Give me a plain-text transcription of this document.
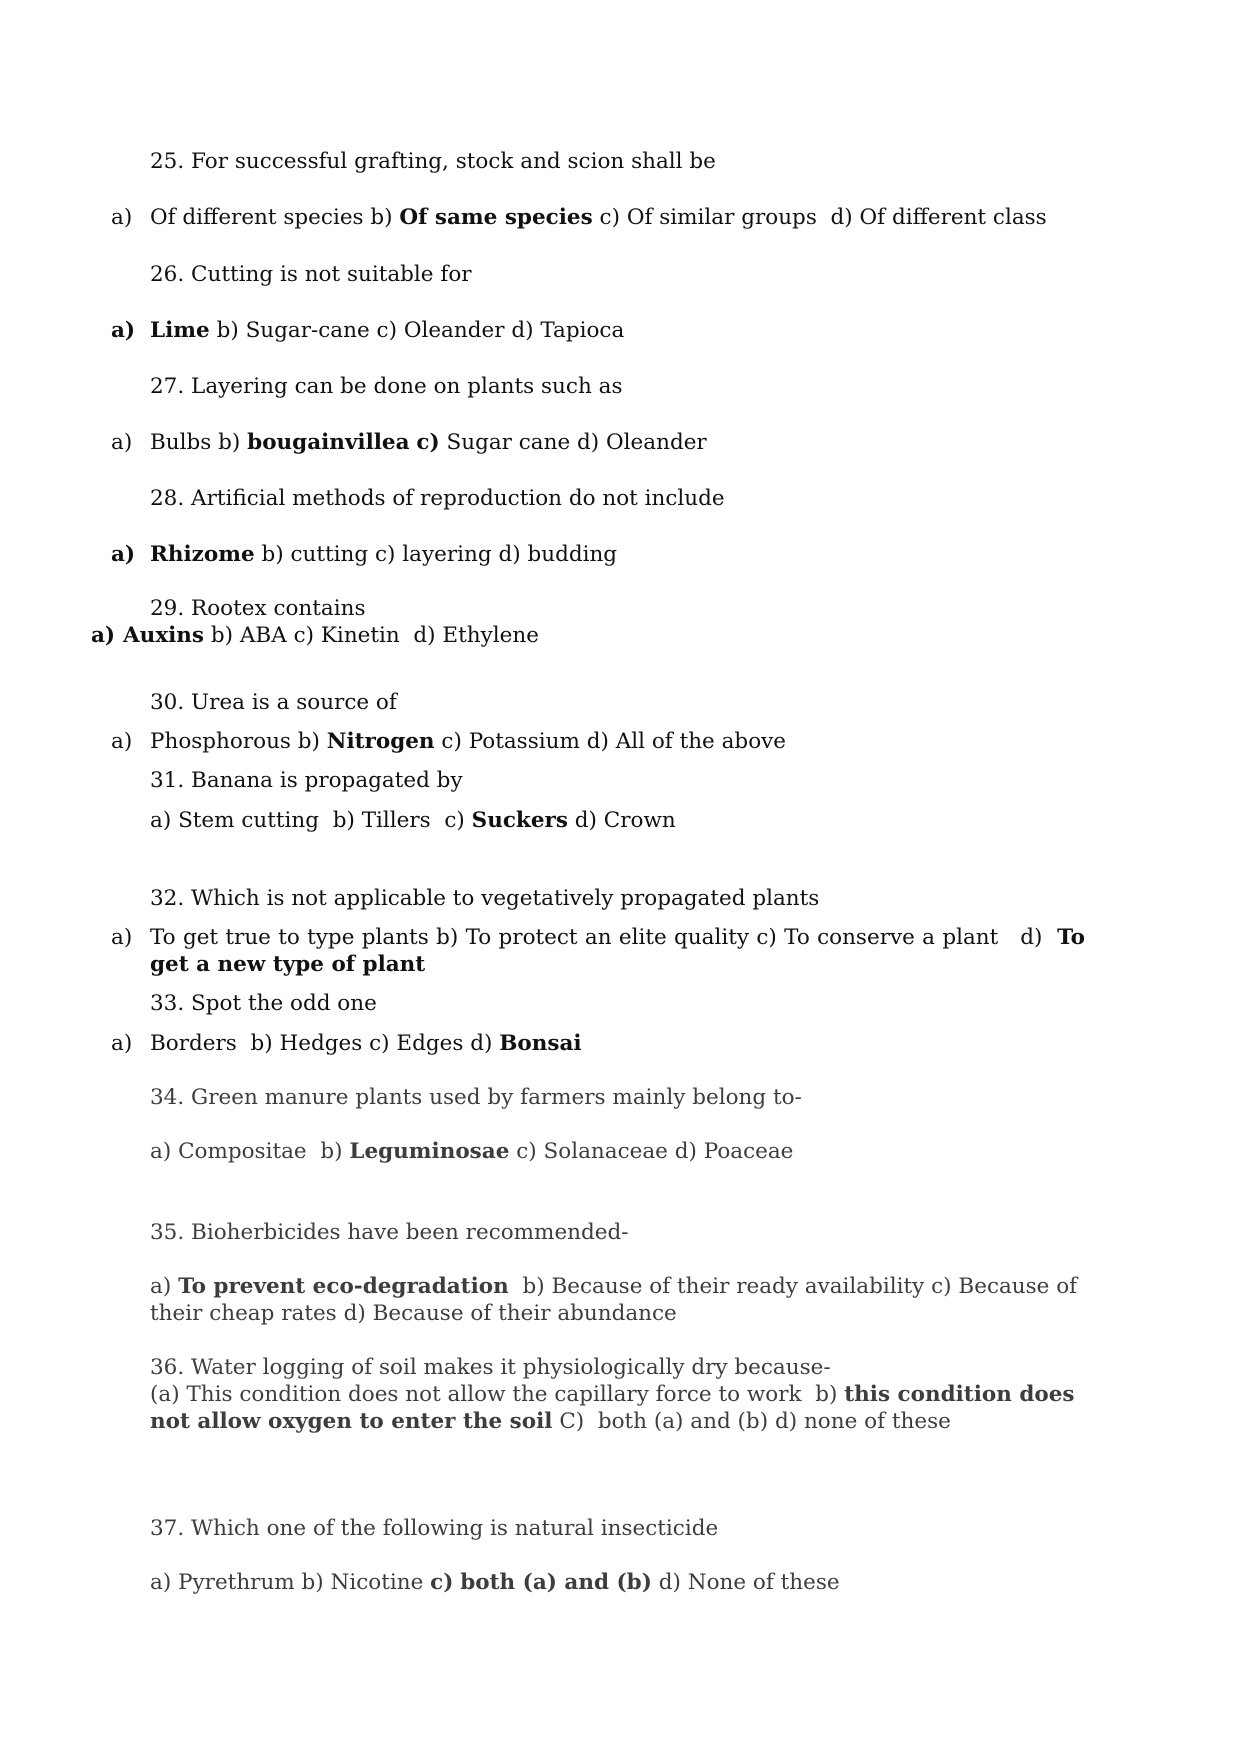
25. For successful grafting, stock and scion shall be
a) Of different species b) Of same species c) Of similar groups d) Of different class
26. Cutting is not suitable for
a) Lime b) Sugar-cane c) Oleander d) Tapioca
27. Layering can be done on plants such as
a) Bulbs b) bougainvillea c) Sugar cane d) Oleander
28. Artificial methods of reproduction do not include
a) Rhizome b) cutting c) layering d) budding
29. Rootex contains
a) Auxins b) ABA c) Kinetin d) Ethylene
30. Urea is a source of
a) Phosphorous b) Nitrogen c) Potassium d) All of the above
31. Banana is propagated by
a) Stem cutting b) Tillers c) Suckers d) Crown
32. Which is not applicable to vegetatively propagated plants
a) To get true to type plants b) To protect an elite quality c) To conserve a plant d) To get a new type of plant
33. Spot the odd one
a) Borders b) Hedges c) Edges d) Bonsai
34. Green manure plants used by farmers mainly belong to-
a) Compositae b) Leguminosae c) Solanaceae d) Poaceae
35. Bioherbicides have been recommended-
a) To prevent eco-degradation b) Because of their ready availability c) Because of their cheap rates d) Because of their abundance
36. Water logging of soil makes it physiologically dry because-
(a) This condition does not allow the capillary force to work b) this condition does not allow oxygen to enter the soil C) both (a) and (b) d) none of these
37. Which one of the following is natural insecticide
a) Pyrethrum b) Nicotine c) both (a) and (b) d) None of these
